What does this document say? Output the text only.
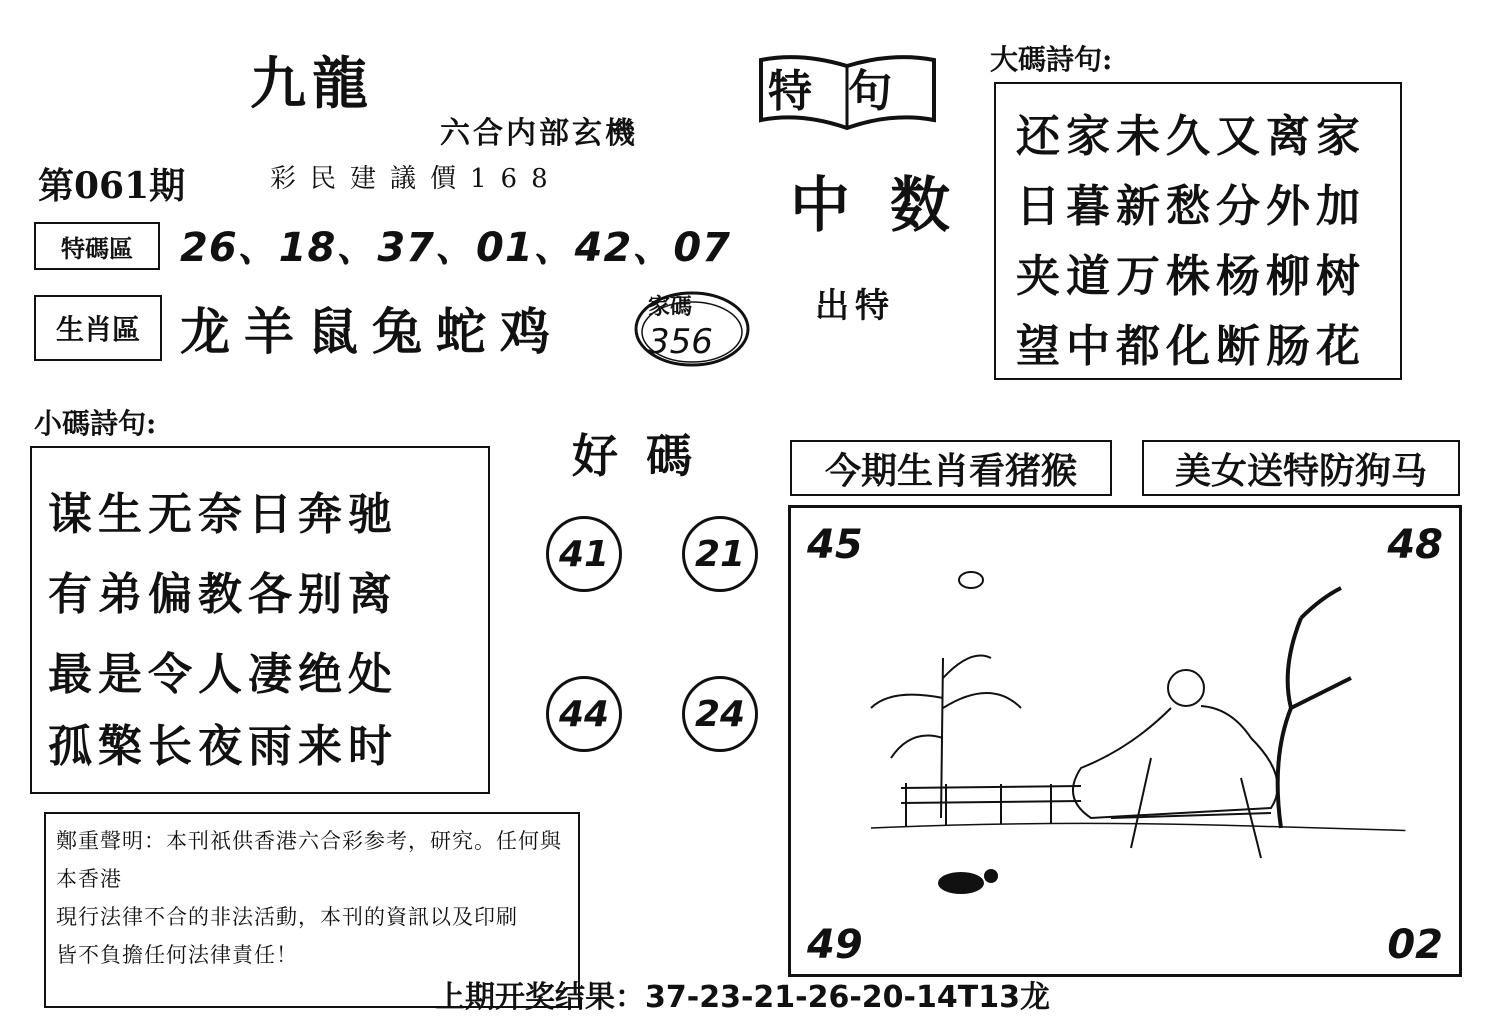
九龍
六合内部玄機
第061期	彩民建議價168
特碼區	26、18、37、01、42、07
生肖區 龙羊鼠兔蛇鸡	家碼
356
特句
中数
出特
大碼詩句:
还家未久又离家
日暮新愁分外加
夹道万株杨柳树
望中都化断肠花
小碼詩句:
谋生无奈日奔驰
有弟偏教各别离
最是令人凄绝处
孤檠长夜雨来时
好碼
41	21
44	24
今期生肖看猪猴	美女送特防狗马
45	48
49	02

鄭重聲明：本刊祇供香港六合彩参考，研究。任何與本香港

現行法律不合的非法活動，本刊的資訊以及印刷

皆不負擔任何法律責任！

上期开奖结果：37-23-21-26-20-14T13龙
